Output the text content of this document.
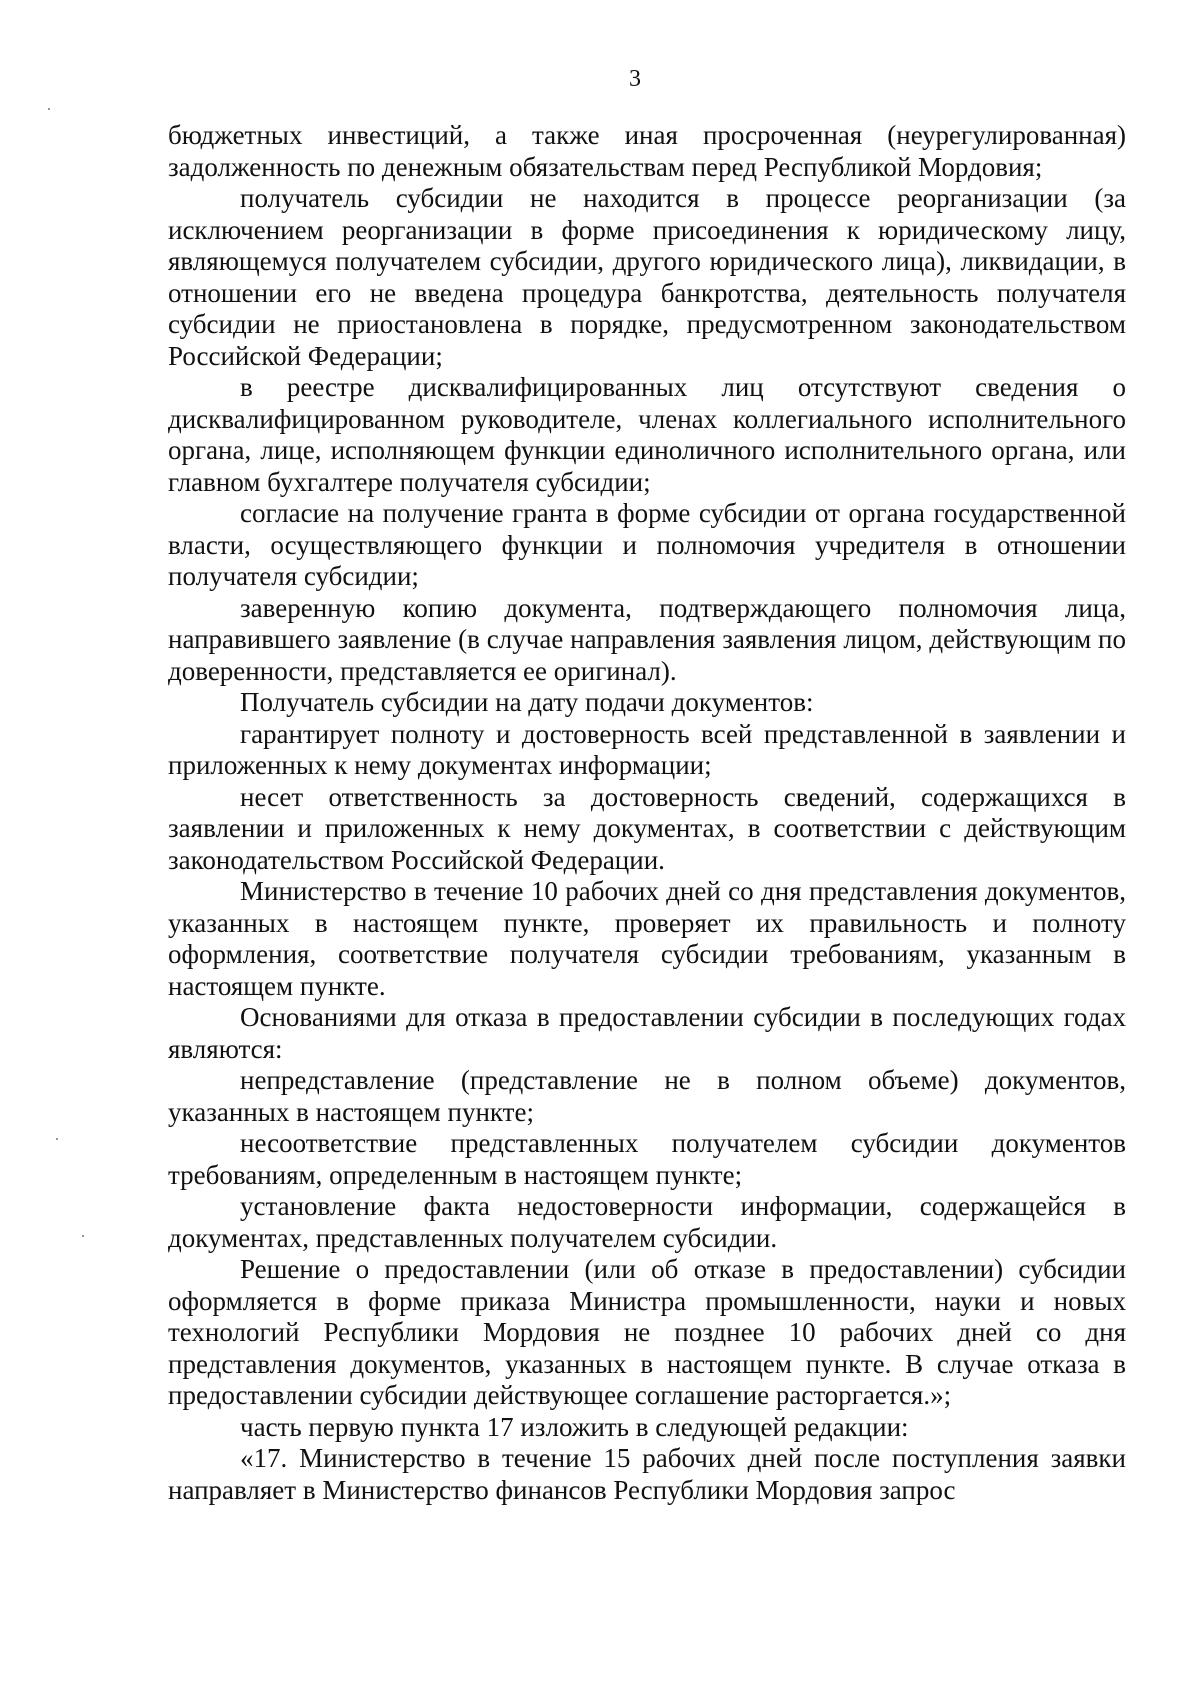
3

бюджетных инвестиций, а также иная просроченная (неурегулированная) задолженность по денежным обязательствам перед Республикой Мордовия;

получатель субсидии не находится в процессе реорганизации (за исключением реорганизации в форме присоединения к юридическому лицу, являющемуся получателем субсидии, другого юридического лица), ликвидации, в отношении его не введена процедура банкротства, деятельность получателя субсидии не приостановлена в порядке, предусмотренном законодательством Российской Федерации;

в реестре дисквалифицированных лиц отсутствуют сведения о дисквалифицированном руководителе, членах коллегиального исполнительного органа, лице, исполняющем функции единоличного исполнительного органа, или главном бухгалтере получателя субсидии;

согласие на получение гранта в форме субсидии от органа государственной власти, осуществляющего функции и полномочия учредителя в отношении получателя субсидии;

заверенную копию документа, подтверждающего полномочия лица, направившего заявление (в случае направления заявления лицом, действующим по доверенности, представляется ее оригинал).

Получатель субсидии на дату подачи документов:

гарантирует полноту и достоверность всей представленной в заявлении и приложенных к нему документах информации;

несет ответственность за достоверность сведений, содержащихся в заявлении и приложенных к нему документах, в соответствии с действующим законодательством Российской Федерации.

Министерство в течение 10 рабочих дней со дня представления документов, указанных в настоящем пункте, проверяет их правильность и полноту оформления, соответствие получателя субсидии требованиям, указанным в настоящем пункте.

Основаниями для отказа в предоставлении субсидии в последующих годах являются:

непредставление (представление не в полном объеме) документов, указанных в настоящем пункте;

несоответствие представленных получателем субсидии документов требованиям, определенным в настоящем пункте;

установление факта недостоверности информации, содержащейся в документах, представленных получателем субсидии.

Решение о предоставлении (или об отказе в предоставлении) субсидии оформляется в форме приказа Министра промышленности, науки и новых технологий Республики Мордовия не позднее 10 рабочих дней со дня представления документов, указанных в настоящем пункте. В случае отказа в предоставлении субсидии действующее соглашение расторгается.»;

часть первую пункта 17 изложить в следующей редакции:

«17. Министерство в течение 15 рабочих дней после поступления заявки направляет в Министерство финансов Республики Мордовия запрос
